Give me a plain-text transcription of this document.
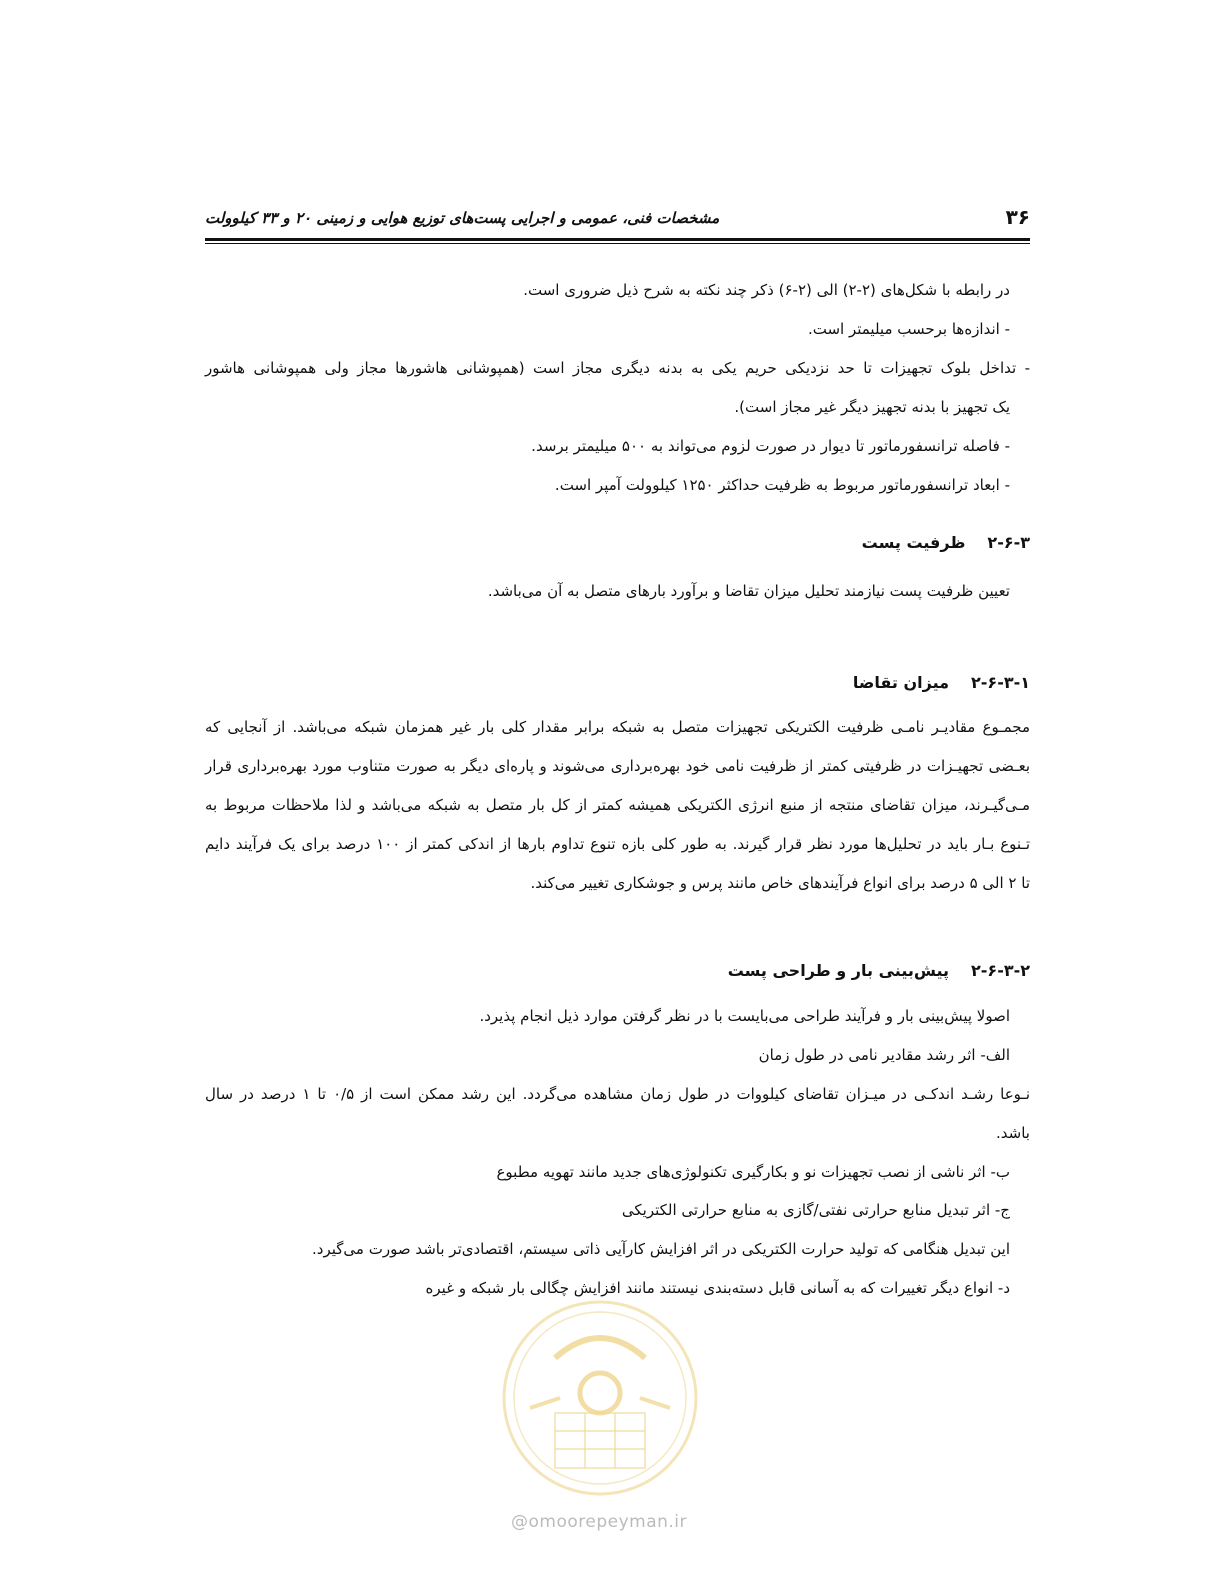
مشخصات فنی، عمومی و اجرایی پست‌های توزیع هوایی و زمینی ۲۰ و ۳۳ کیلوولت	۳۶
در رابطه با شکل‌های (۲-۲) الی (۲-۶) ذکر چند نکته به شرح ذیل ضروری است.
- اندازه‌ها برحسب میلیمتر است.
- تداخل بلوک تجهیزات تا حد نزدیکی حریم یکی به بدنه دیگری مجاز است (همپوشانی هاشورها مجاز ولی همپوشانی هاشور
یک تجهیز با بدنه تجهیز دیگر غیر مجاز است).
- فاصله ترانسفورماتور تا دیوار در صورت لزوم می‌تواند به ۵۰۰ میلیمتر برسد.
- ابعاد ترانسفورماتور مربوط به ظرفیت حداکثر ۱۲۵۰ کیلوولت آمپر است.
۲-۶-۳ظرفیت پست
تعیین ظرفیت پست نیازمند تحلیل میزان تقاضا و برآورد بارهای متصل به آن می‌باشد.
۲-۶-۳-۱میزان تقاضا
مجمـوع مقادیـر نامـی ظرفیت الکتریکی تجهیزات متصل به شبکه برابر مقدار کلی بار غیر همزمان شبکه می‌باشد. از آنجایی که
بعـضی تجهیـزات در ظرفیتی کمتر از ظرفیت نامی خود بهره‌برداری می‌شوند و پاره‌ای دیگر به صورت متناوب مورد بهره‌برداری قرار
مـی‌گیـرند، میزان تقاضای منتجه از منبع انرژی الکتریکی همیشه کمتر از کل بار متصل به شبکه می‌باشد و لذا ملاحظات مربوط به
تـنوع بـار باید در تحلیل‌ها مورد نظر قرار گیرند. به طور کلی بازه تنوع تداوم بارها از اندکی کمتر از ۱۰۰ درصد برای یک فرآیند دایم
تا ۲ الی ۵ درصد برای انواع فرآیندهای خاص مانند پرس و جوشکاری تغییر می‌کند.
۲-۶-۳-۲پیش‌بینی بار و طراحی پست
اصولا پیش‌بینی بار و فرآیند طراحی می‌بایست با در نظر گرفتن موارد ذیل انجام پذیرد.
الف- اثر رشد مقادیر نامی در طول زمان
نـوعا رشـد اندکـی در میـزان تقاضای کیلووات در طول زمان مشاهده می‌گردد. این رشد ممکن است از ۰/۵ تا ۱ درصد در سال
باشد.
ب- اثر ناشی از نصب تجهیزات نو و بکارگیری تکنولوژی‌های جدید مانند تهویه مطبوع
ج- اثر تبدیل منابع حرارتی نفتی/گازی به منابع حرارتی الکتریکی
این تبدیل هنگامی که تولید حرارت الکتریکی در اثر افزایش کارآیی ذاتی سیستم، اقتصادی‌تر باشد صورت می‌گیرد.
د- انواع دیگر تغییرات که به آسانی قابل دسته‌بندی نیستند مانند افزایش چگالی بار شبکه و غیره
@omoorepeyman.ir
